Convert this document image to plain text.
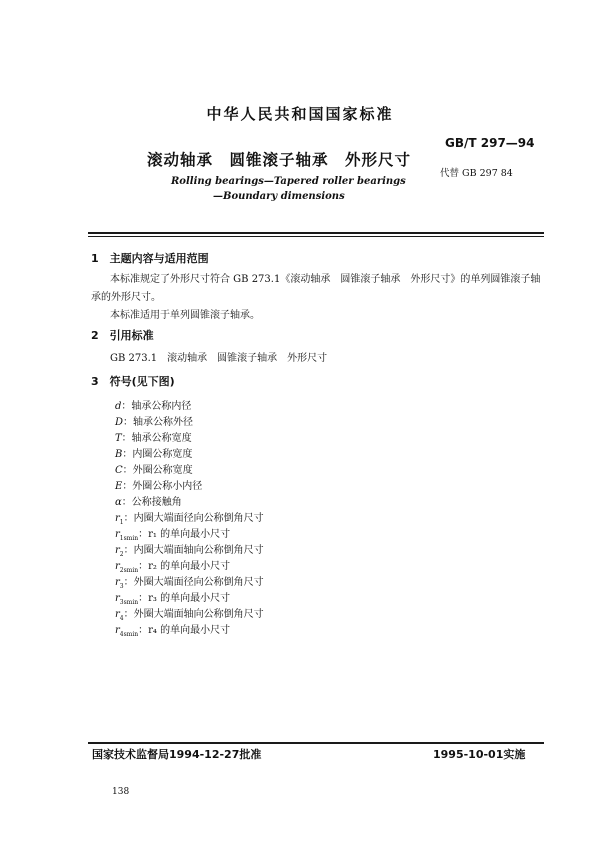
中华人民共和国国家标准
GB/T 297—94
滚动轴承　圆锥滚子轴承　外形尺寸
代替 GB 297 84
Rolling bearings—Tapered roller bearings
—Boundary dimensions
1　主题内容与适用范围
本标准规定了外形尺寸符合 GB 273.1《滚动轴承　圆锥滚子轴承　外形尺寸》的单列圆锥滚子轴
承的外形尺寸。
本标准适用于单列圆锥滚子轴承。
2　引用标准
GB 273.1　滚动轴承　圆锥滚子轴承　外形尺寸
3　符号(见下图)
d：轴承公称内径
D：轴承公称外径
T：轴承公称宽度
B：内圈公称宽度
C：外圈公称宽度
E：外圈公称小内径
α：公称接触角
$r_1$：内圈大端面径向公称倒角尺寸
$r_{1smin}$：r₁ 的单向最小尺寸
$r_2$：内圈大端面轴向公称倒角尺寸
$r_{2smin}$：r₂ 的单向最小尺寸
$r_3$：外圈大端面径向公称倒角尺寸
$r_{3smin}$：r₃ 的单向最小尺寸
$r_4$：外圈大端面轴向公称倒角尺寸
$r_{4smin}$：r₄ 的单向最小尺寸
国家技术监督局1994-12-27批准	1995-10-01实施
138
